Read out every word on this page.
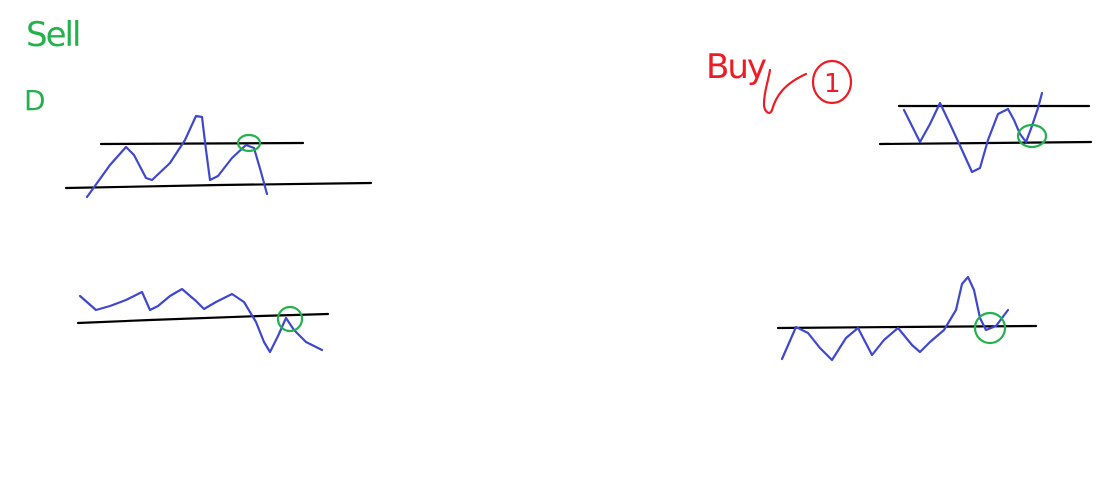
Sell
D
Buy 1
